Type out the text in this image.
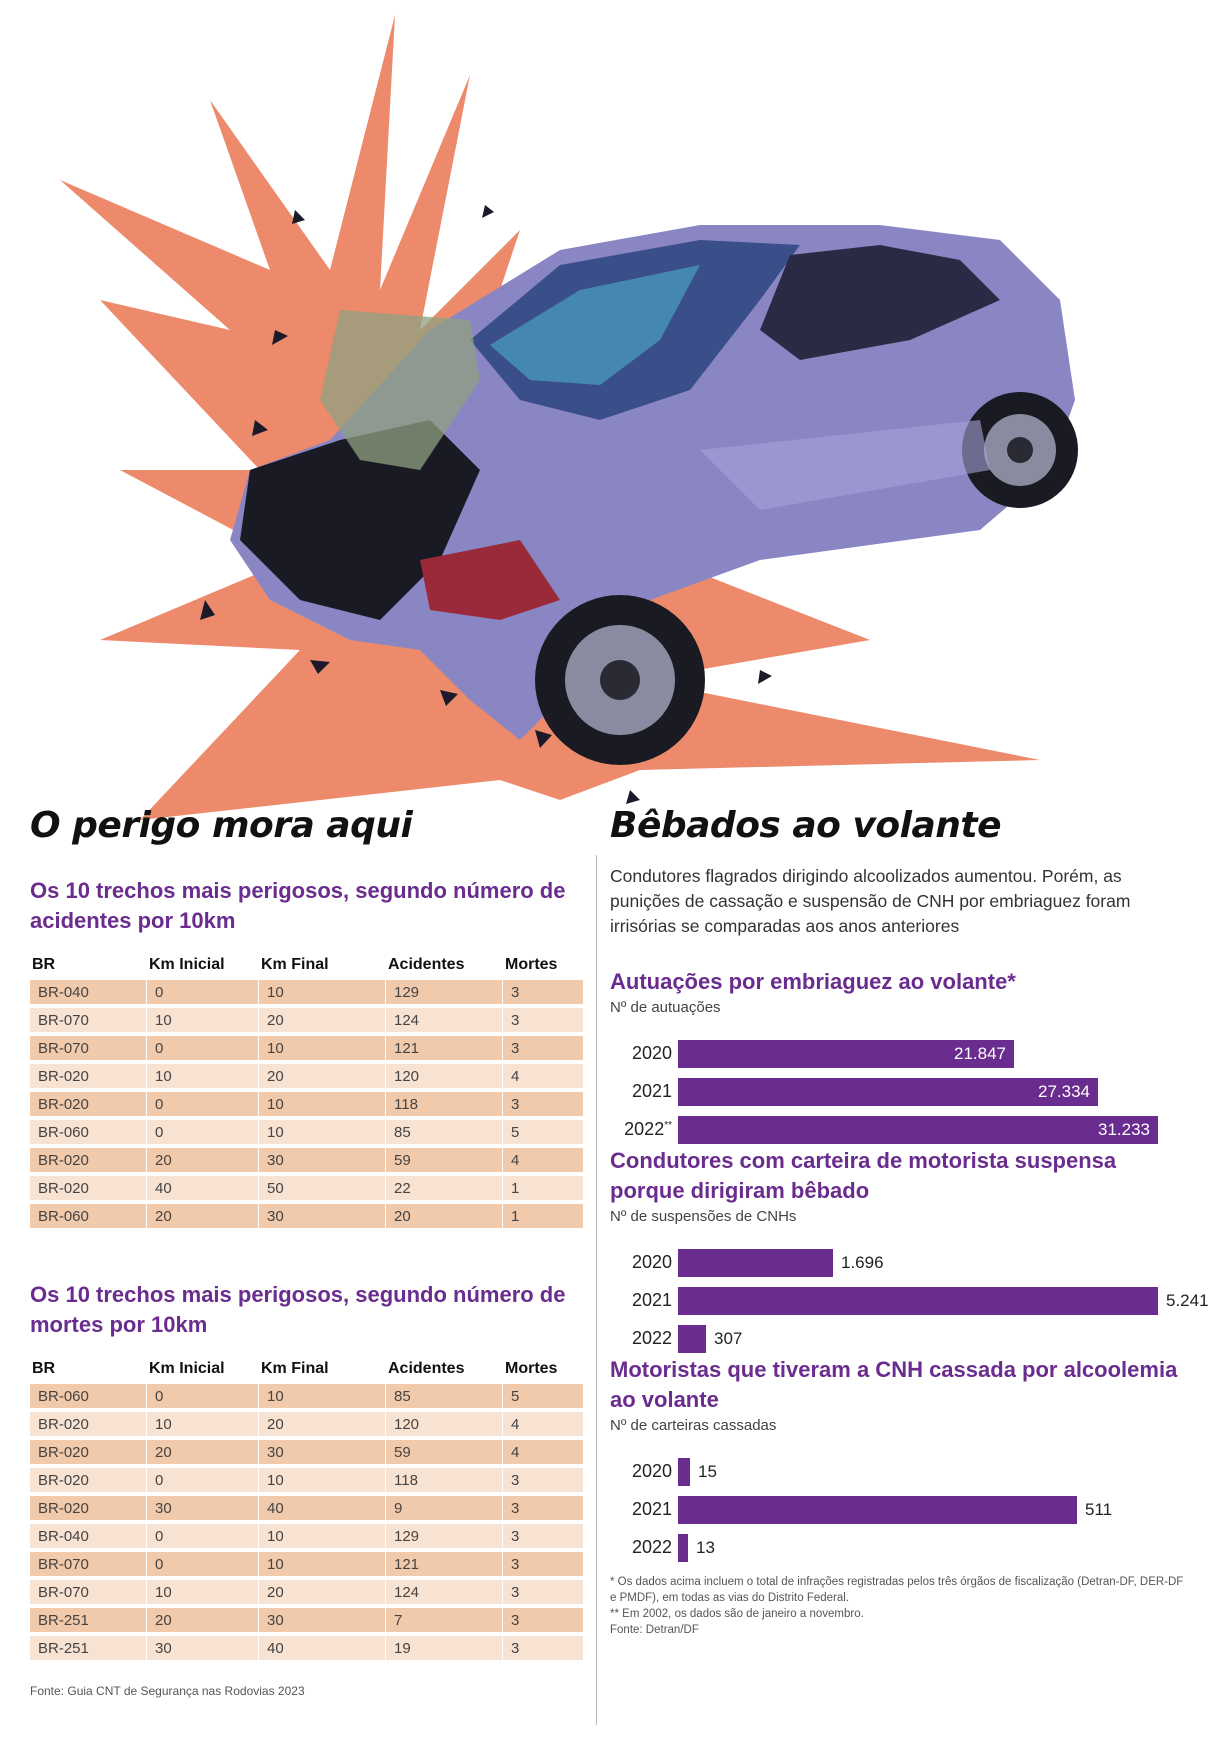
O perigo mora aqui

Os 10 trechos mais perigosos, segundo número de acidentes por 10km

BR	Km Inicial	Km Final	Acidentes	Mortes
BR-040	0	10	129	3
BR-070	10	20	124	3
BR-070	0	10	121	3
BR-020	10	20	120	4
BR-020	0	10	118	3
BR-060	0	10	85	5
BR-020	20	30	59	4
BR-020	40	50	22	1
BR-060	20	30	20	1

Os 10 trechos mais perigosos, segundo número de mortes por 10km

BR	Km Inicial	Km Final	Acidentes	Mortes
BR-060	0	10	85	5
BR-020	10	20	120	4
BR-020	20	30	59	4
BR-020	0	10	118	3
BR-020	30	40	9	3
BR-040	0	10	129	3
BR-070	0	10	121	3
BR-070	10	20	124	3
BR-251	20	30	7	3
BR-251	30	40	19	3

Fonte: Guia CNT de Segurança nas Rodovias 2023

Bêbados ao volante

Condutores flagrados dirigindo alcoolizados aumentou. Porém, as punições de cassação e suspensão de CNH por embriaguez foram irrisórias se comparadas aos anos anteriores

Autuações por embriaguez ao volante*

Nº de autuações

2020	21.847
2021	27.334
2022**	31.233

Condutores com carteira de motorista suspensa porque dirigiram bêbado

Nº de suspensões de CNHs

2020	1.696
2021	5.241
2022 307

Motoristas que tiveram a CNH cassada por alcoolemia ao volante

Nº de carteiras cassadas

2020 15
2021	511
2022 13
* Os dados acima incluem o total de infrações registradas pelos três órgãos de fiscalização (Detran-DF, DER-DF e PMDF), em todas as vias do Distrito Federal.
** Em 2002, os dados são de janeiro a novembro.
Fonte: Detran/DF
